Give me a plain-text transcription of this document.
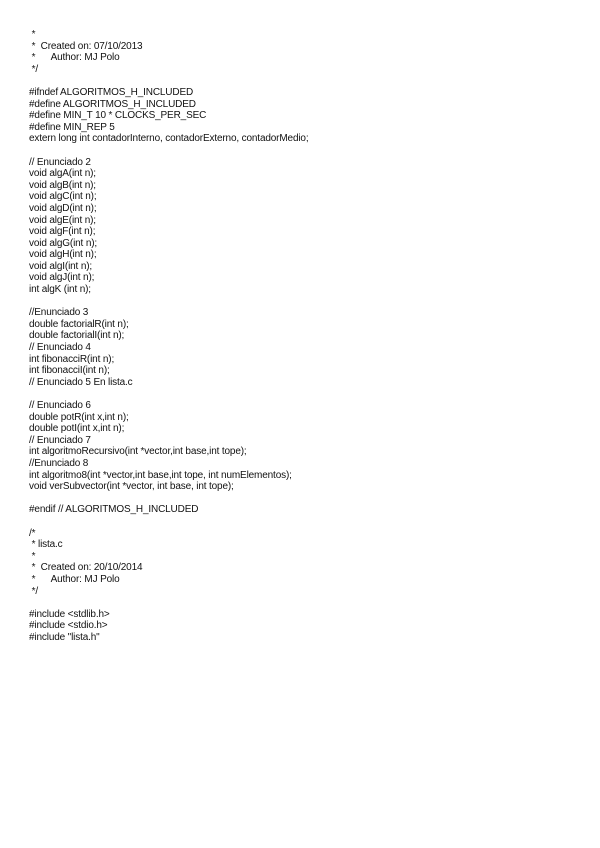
*
*  Created on: 07/10/2013
*      Author: MJ Polo
*/
#ifndef ALGORITMOS_H_INCLUDED
#define ALGORITMOS_H_INCLUDED
#define MIN_T 10 * CLOCKS_PER_SEC
#define MIN_REP 5
extern long int contadorInterno, contadorExterno, contadorMedio;
// Enunciado 2
void algA(int n);
void algB(int n);
void algC(int n);
void algD(int n);
void algE(int n);
void algF(int n);
void algG(int n);
void algH(int n);
void algI(int n);
void algJ(int n);
int algK (int n);
//Enunciado 3
double factorialR(int n);
double factorialI(int n);
// Enunciado 4
int fibonacciR(int n);
int fibonacciI(int n);
// Enunciado 5 En lista.c
// Enunciado 6
double potR(int x,int n);
double potI(int x,int n);
// Enunciado 7
int algoritmoRecursivo(int *vector,int base,int tope);
//Enunciado 8
int algoritmo8(int *vector,int base,int tope, int numElementos);
void verSubvector(int *vector, int base, int tope);
#endif // ALGORITMOS_H_INCLUDED
/*
* lista.c
*
*  Created on: 20/10/2014
*      Author: MJ Polo
*/
#include <stdlib.h>
#include <stdio.h>
#include "lista.h"
